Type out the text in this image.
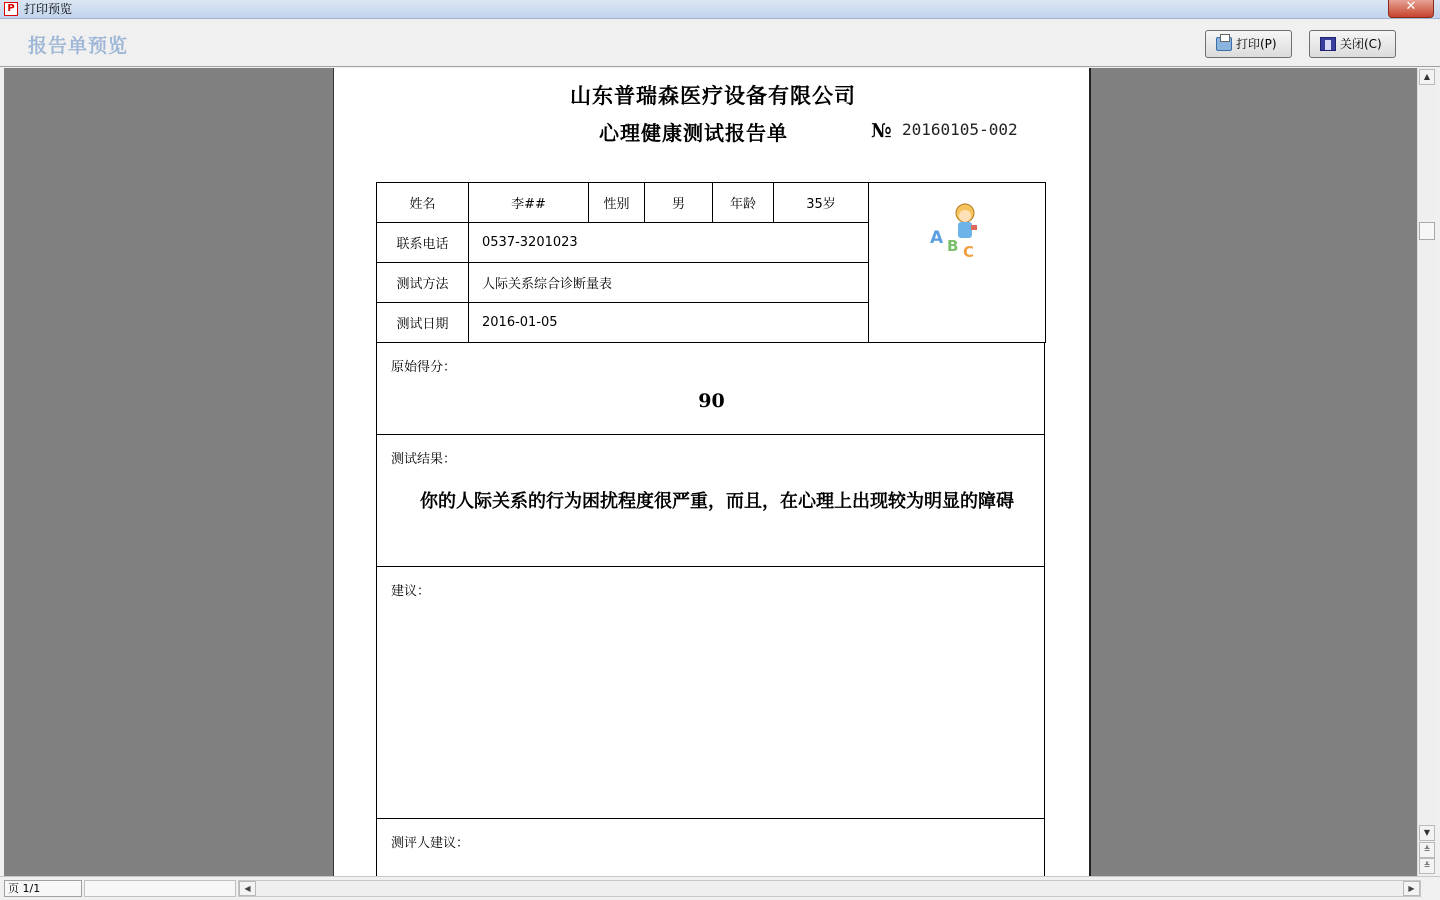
P 打印预览	✕
报告单预览	打印(P)	关闭(C)
山东普瑞森医疗设备有限公司
心理健康测试报告单	№ 20160105-002
姓名	李##	性别	男	年龄	35岁	A B C

联系电话	0537-3201023					
测试方法	人际关系综合诊断量表					
测试日期	2016-01-05					
原始得分：
90
测试结果：
你的人际关系的行为困扰程度很严重，而且，在心理上出现较为明显的障碍
建议：
测评人建议：
▲
▼
≜
≚
页 1/1	◀	▶
